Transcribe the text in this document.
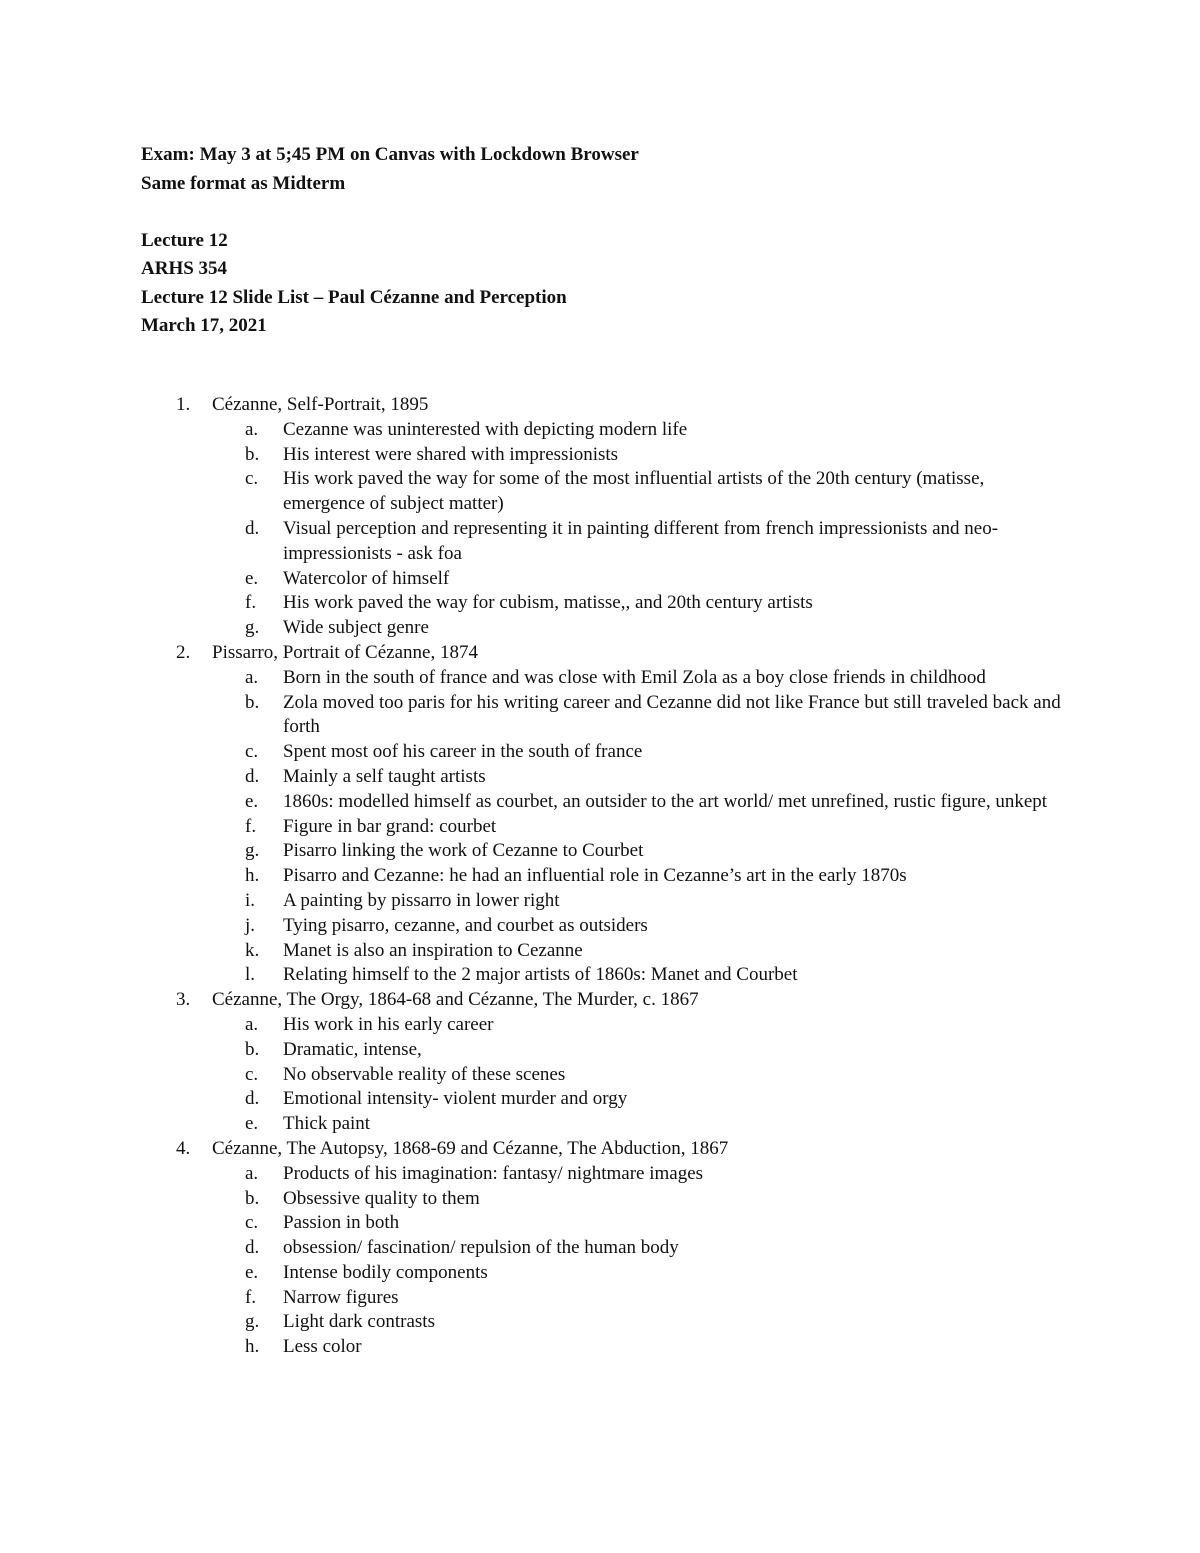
Exam: May 3 at 5;45 PM on Canvas with Lockdown Browser
Same format as Midterm
Lecture 12
ARHS 354
Lecture 12 Slide List – Paul Cézanne and Perception
March 17, 2021
1. Cézanne, Self-Portrait, 1895
a. Cezanne was uninterested with depicting modern life
b. His interest were shared with impressionists
c. His work paved the way for some of the most influential artists of the 20th century (matisse, emergence of subject matter)
d. Visual perception and representing it in painting different from french impressionists and neo-impressionists - ask foa
e. Watercolor of himself
f. His work paved the way for cubism, matisse,, and 20th century artists
g. Wide subject genre
2. Pissarro, Portrait of Cézanne, 1874
a. Born in the south of france and was close with Emil Zola as a boy close friends in childhood
b. Zola moved too paris for his writing career and Cezanne did not like France but still traveled back and forth
c. Spent most oof his career in the south of france
d. Mainly a self taught artists
e. 1860s: modelled himself as courbet, an outsider to the art world/ met unrefined, rustic figure, unkept
f. Figure in bar grand: courbet
g. Pisarro linking the work of Cezanne to Courbet
h. Pisarro and Cezanne: he had an influential role in Cezanne’s art in the early 1870s
i. A painting by pissarro in lower right
j. Tying pisarro, cezanne, and courbet as outsiders
k. Manet is also an inspiration to Cezanne
l. Relating himself to the 2 major artists of 1860s: Manet and Courbet
3. Cézanne, The Orgy, 1864-68 and Cézanne, The Murder, c. 1867
a. His work in his early career
b. Dramatic, intense,
c. No observable reality of these scenes
d. Emotional intensity- violent murder and orgy
e. Thick paint
4. Cézanne, The Autopsy, 1868-69 and Cézanne, The Abduction, 1867
a. Products of his imagination: fantasy/ nightmare images
b. Obsessive quality to them
c. Passion in both
d. obsession/ fascination/ repulsion of the human body
e. Intense bodily components
f. Narrow figures
g. Light dark contrasts
h. Less color
